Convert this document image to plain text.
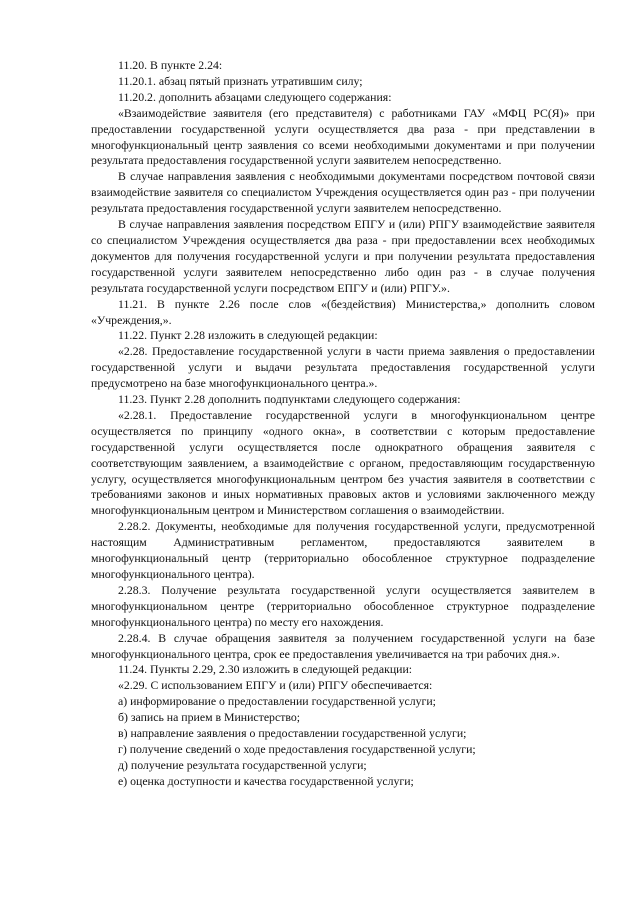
11.20. В пункте 2.24:

11.20.1. абзац пятый признать утратившим силу;

11.20.2. дополнить абзацами следующего содержания:

«Взаимодействие заявителя (его представителя) с работниками ГАУ «МФЦ РС(Я)» при предоставлении государственной услуги осуществляется два раза - при представлении в многофункциональный центр заявления со всеми необходимыми документами и при получении результата предоставления государственной услуги заявителем непосредственно.

В случае направления заявления с необходимыми документами посредством почтовой связи взаимодействие заявителя со специалистом Учреждения осуществляется один раз - при получении результата предоставления государственной услуги заявителем непосредственно.

В случае направления заявления посредством ЕПГУ и (или) РПГУ взаимодействие заявителя со специалистом Учреждения осуществляется два раза - при предоставлении всех необходимых документов для получения государственной услуги и при получении результата предоставления государственной услуги заявителем непосредственно либо один раз - в случае получения результата государственной услуги посредством ЕПГУ и (или) РПГУ.».

11.21. В пункте 2.26 после слов «(бездействия) Министерства,» дополнить словом «Учреждения,».

11.22. Пункт 2.28 изложить в следующей редакции:

«2.28. Предоставление государственной услуги в части приема заявления о предоставлении государственной услуги и выдачи результата предоставления государственной услуги предусмотрено на базе многофункционального центра.».

11.23. Пункт 2.28 дополнить подпунктами следующего содержания:

«2.28.1. Предоставление государственной услуги в многофункциональном центре осуществляется по принципу «одного окна», в соответствии с которым предоставление государственной услуги осуществляется после однократного обращения заявителя с соответствующим заявлением, а взаимодействие с органом, предоставляющим государственную услугу, осуществляется многофункциональным центром без участия заявителя в соответствии с требованиями законов и иных нормативных правовых актов и условиями заключенного между многофункциональным центром и Министерством соглашения о взаимодействии.

2.28.2. Документы, необходимые для получения государственной услуги, предусмотренной настоящим Административным регламентом, предоставляются заявителем в многофункциональный центр (территориально обособленное структурное подразделение многофункционального центра).

2.28.3. Получение результата государственной услуги осуществляется заявителем в многофункциональном центре (территориально обособленное структурное подразделение многофункционального центра) по месту его нахождения.

2.28.4. В случае обращения заявителя за получением государственной услуги на базе многофункционального центра, срок ее предоставления увеличивается на три рабочих дня.».

11.24. Пункты 2.29, 2.30 изложить в следующей редакции:

«2.29. С использованием ЕПГУ и (или) РПГУ обеспечивается:

а) информирование о предоставлении государственной услуги;

б) запись на прием в Министерство;

в) направление заявления о предоставлении государственной услуги;

г) получение сведений о ходе предоставления государственной услуги;

д) получение результата государственной услуги;

е) оценка доступности и качества государственной услуги;
